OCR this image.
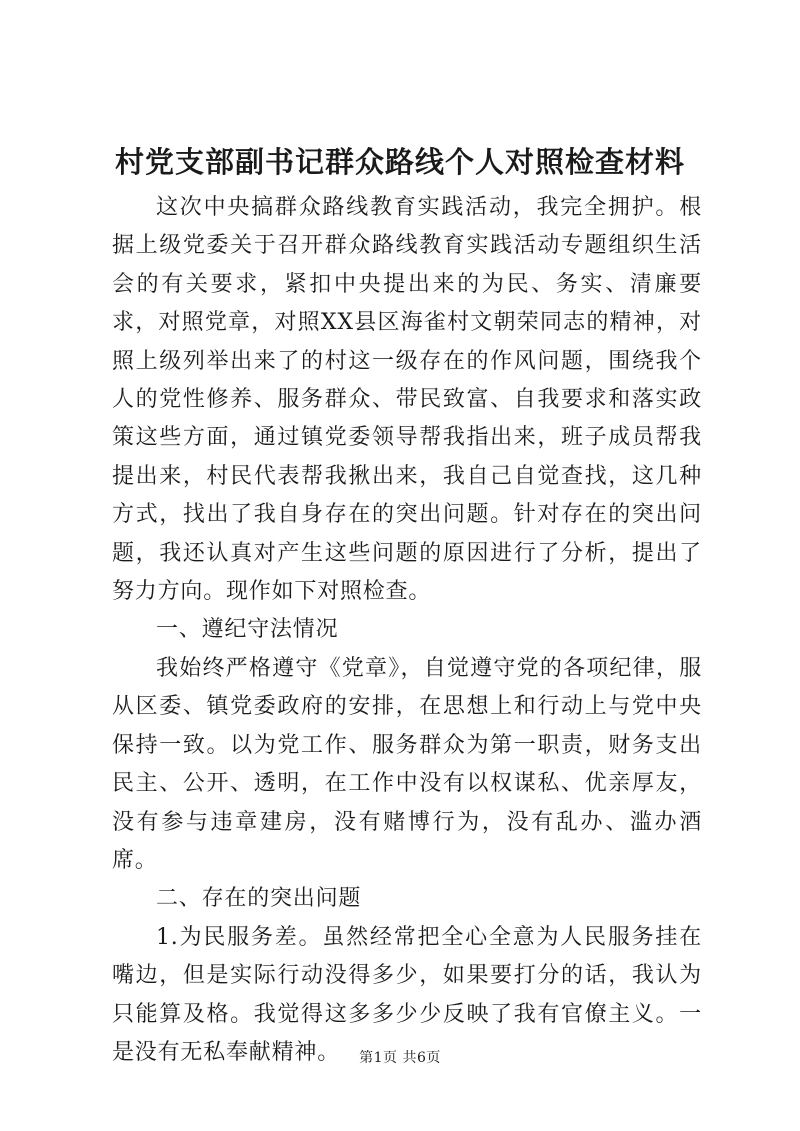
村党支部副书记群众路线个人对照检查材料

这次中央搞群众路线教育实践活动，我完全拥护。根据上级党委关于召开群众路线教育实践活动专题组织生活会的有关要求，紧扣中央提出来的为民、务实、清廉要求，对照党章，对照XX县区海雀村文朝荣同志的精神，对照上级列举出来了的村这一级存在的作风问题，围绕我个人的党性修养、服务群众、带民致富、自我要求和落实政策这些方面，通过镇党委领导帮我指出来，班子成员帮我提出来，村民代表帮我揪出来，我自己自觉查找，这几种方式，找出了我自身存在的突出问题。针对存在的突出问题，我还认真对产生这些问题的原因进行了分析，提出了努力方向。现作如下对照检查。

一、遵纪守法情况

我始终严格遵守《党章》，自觉遵守党的各项纪律，服从区委、镇党委政府的安排，在思想上和行动上与党中央保持一致。以为党工作、服务群众为第一职责，财务支出民主、公开、透明，在工作中没有以权谋私、优亲厚友，没有参与违章建房，没有赌博行为，没有乱办、滥办酒席。

二、存在的突出问题

1.为民服务差。虽然经常把全心全意为人民服务挂在嘴边，但是实际行动没得多少，如果要打分的话，我认为只能算及格。我觉得这多多少少反映了我有官僚主义。一是没有无私奉献精神。	第1页 共6页
